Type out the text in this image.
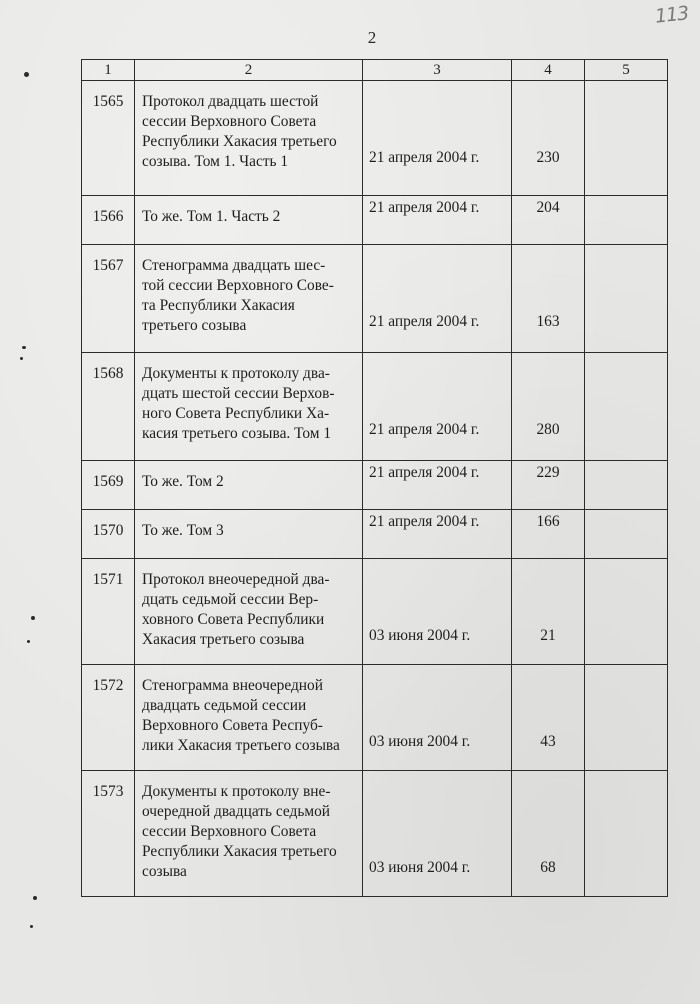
2
113
1	2	3	4	5
1565	Протокол двадцать шестой
сессии Верховного Совета
Республики Хакасия третьего
созыва. Том 1. Часть 1	21 апреля 2004 г.	230	

1566	То же. Том 1. Часть 2	21 апреля 2004 г.	204	

1567	Стенограмма двадцать шес-
той сессии Верховного Сове-
та Республики Хакасия
третьего созыва	21 апреля 2004 г.	163	

1568	Документы к протоколу два-
дцать шестой сессии Верхов-
ного Совета Республики Ха-
касия третьего созыва. Том 1	21 апреля 2004 г.	280	

1569	То же. Том 2	21 апреля 2004 г.	229	

1570	То же. Том 3	21 апреля 2004 г.	166	

1571	Протокол внеочередной два-
дцать седьмой сессии Вер-
ховного Совета Республики
Хакасия третьего созыва	03 июня 2004 г.	21	

1572	Стенограмма внеочередной
двадцать седьмой сессии
Верховного Совета Респуб-
лики Хакасия третьего созыва	03 июня 2004 г.	43	

1573	Документы к протоколу вне-
очередной двадцать седьмой
сессии Верховного Совета
Республики Хакасия третьего
созыва	03 июня 2004 г.	68	
